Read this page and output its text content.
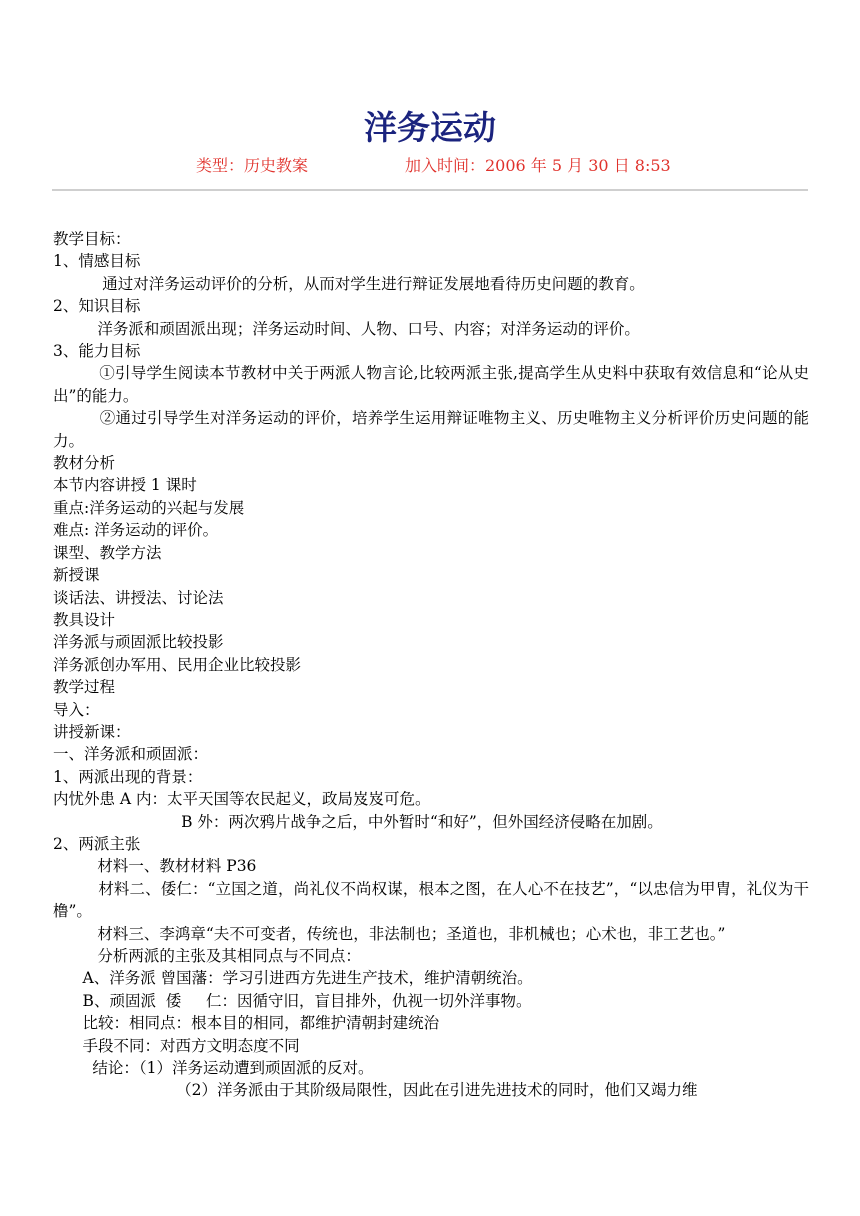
洋务运动
类型：历史教案	加入时间：2006 年 5 月 30 日 8:53

教学目标：

1、情感目标

通过对洋务运动评价的分析，从而对学生进行辩证发展地看待历史问题的教育。

2、知识目标

洋务派和顽固派出现；洋务运动时间、人物、口号、内容；对洋务运动的评价。

3、能力目标

①引导学生阅读本节教材中关于两派人物言论,比较两派主张,提高学生从史料中获取有效信息和“论从史出”的能力。

②通过引导学生对洋务运动的评价，培养学生运用辩证唯物主义、历史唯物主义分析评价历史问题的能力。

教材分析

本节内容讲授 1 课时

重点:洋务运动的兴起与发展

难点: 洋务运动的评价。

课型、教学方法

新授课

谈话法、讲授法、讨论法

教具设计

洋务派与顽固派比较投影

洋务派创办军用、民用企业比较投影

教学过程

导入：

讲授新课：

一、洋务派和顽固派：

1、两派出现的背景：

内忧外患 A 内：太平天国等农民起义，政局岌岌可危。

B 外：两次鸦片战争之后，中外暂时“和好”，但外国经济侵略在加剧。

2、两派主张

材料一、教材材料 P36

材料二、倭仁：“立国之道，尚礼仪不尚权谋，根本之图，在人心不在技艺”，“以忠信为甲胄，礼仪为干橹”。

材料三、李鸿章“夫不可变者，传统也，非法制也；圣道也，非机械也；心术也，非工艺也。”

分析两派的主张及其相同点与不同点：

A、洋务派 曾国藩：学习引进西方先进生产技术，维护清朝统治。

B、顽固派  倭     仁：因循守旧，盲目排外，仇视一切外洋事物。

比较：相同点：根本目的相同，都维护清朝封建统治

手段不同：对西方文明态度不同

结论：（1）洋务运动遭到顽固派的反对。

（2）洋务派由于其阶级局限性，因此在引进先进技术的同时，他们又竭力维
